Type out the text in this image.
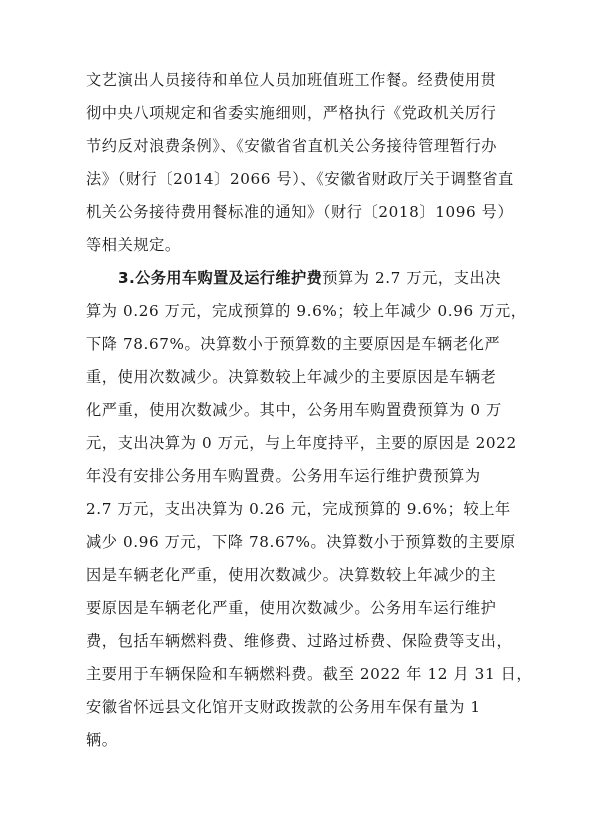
文艺演出人员接待和单位人员加班值班工作餐。经费使用贯
彻中央八项规定和省委实施细则，严格执行《党政机关厉行
节约反对浪费条例》、《安徽省省直机关公务接待管理暂行办
法》（财行〔2014〕2066 号）、《安徽省财政厅关于调整省直
机关公务接待费用餐标准的通知》（财行〔2018〕1096 号）
等相关规定。
3.公务用车购置及运行维护费预算为 2.7 万元，支出决
算为 0.26 万元，完成预算的 9.6%；较上年减少 0.96 万元，
下降 78.67%。决算数小于预算数的主要原因是车辆老化严
重，使用次数减少。决算数较上年减少的主要原因是车辆老
化严重，使用次数减少。其中，公务用车购置费预算为 0 万
元，支出决算为 0 万元，与上年度持平，主要的原因是 2022
年没有安排公务用车购置费。公务用车运行维护费预算为
2.7 万元，支出决算为 0.26 元，完成预算的 9.6%；较上年
减少 0.96 万元，下降 78.67%。决算数小于预算数的主要原
因是车辆老化严重，使用次数减少。决算数较上年减少的主
要原因是车辆老化严重，使用次数减少。公务用车运行维护
费，包括车辆燃料费、维修费、过路过桥费、保险费等支出，
主要用于车辆保险和车辆燃料费。截至 2022 年 12 月 31 日，
安徽省怀远县文化馆开支财政拨款的公务用车保有量为 1
辆。
